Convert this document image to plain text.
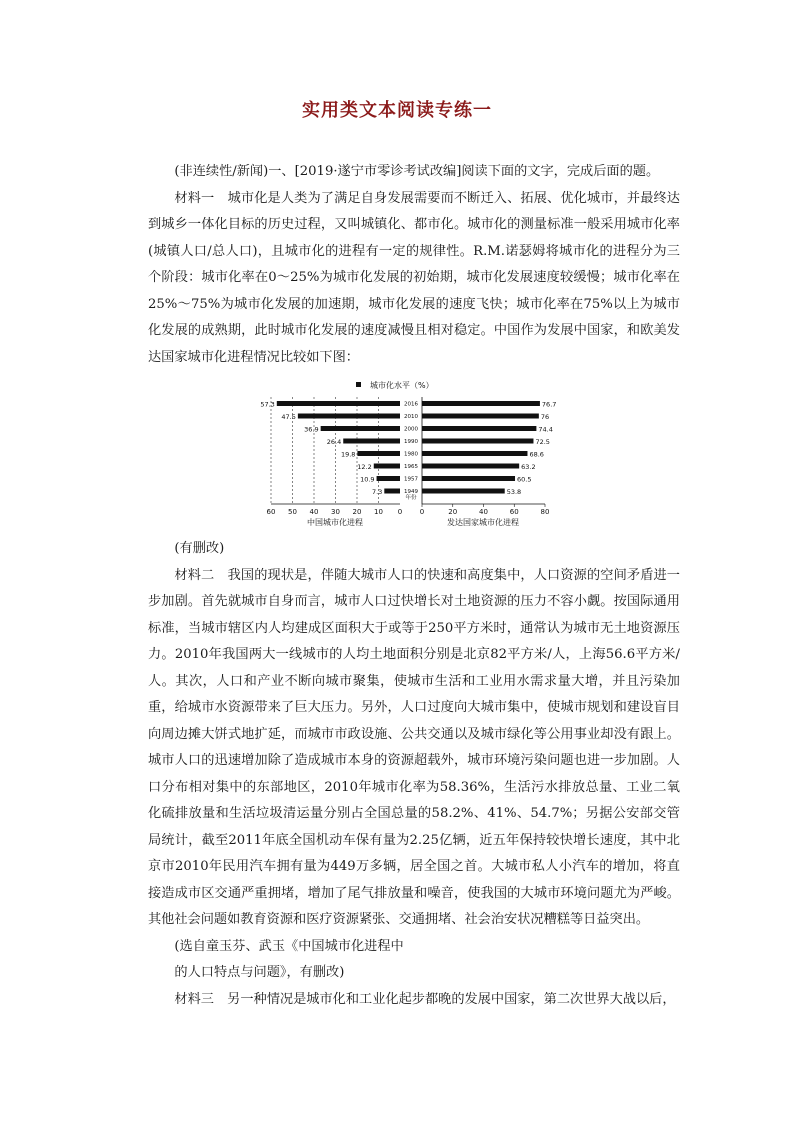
实用类文本阅读专练一

(非连续性/新闻)一、[2019·遂宁市零诊考试改编]阅读下面的文字，完成后面的题。

材料一　城市化是人类为了满足自身发展需要而不断迁入、拓展、优化城市，并最终达到城乡一体化目标的历史过程，又叫城镇化、都市化。城市化的测量标准一般采用城市化率(城镇人口/总人口)，且城市化的进程有一定的规律性。R.M.诺瑟姆将城市化的进程分为三个阶段：城市化率在0～25%为城市化发展的初始期，城市化发展速度较缓慢；城市化率在25%～75%为城市化发展的加速期，城市化发展的速度飞快；城市化率在75%以上为城市化发展的成熟期，此时城市化发展的速度减慢且相对稳定。中国作为发展中国家，和欧美发达国家城市化进程情况比较如下图：

城市化水平（%）
60 50 40 30 20 10 0	0	20	40	60	80
57.3	76.7
2016
47.5	76
2010
36.9	74.4
2000
26.4	72.5
1990
19.8	68.6
1980
12.2	63.2
1965
10.9	60.5
1957
7.3	53.8
1949
年份
中国城市化进程	发达国家城市化进程

(有删改)

材料二　我国的现状是，伴随大城市人口的快速和高度集中，人口资源的空间矛盾进一步加剧。首先就城市自身而言，城市人口过快增长对土地资源的压力不容小觑。按国际通用标准，当城市辖区内人均建成区面积大于或等于250平方米时，通常认为城市无土地资源压力。2010年我国两大一线城市的人均土地面积分别是北京82平方米/人，上海56.6平方米/人。其次，人口和产业不断向城市聚集，使城市生活和工业用水需求量大增，并且污染加重，给城市水资源带来了巨大压力。另外，人口过度向大城市集中，使城市规划和建设盲目向周边摊大饼式地扩延，而城市市政设施、公共交通以及城市绿化等公用事业却没有跟上。城市人口的迅速增加除了造成城市本身的资源超载外，城市环境污染问题也进一步加剧。人口分布相对集中的东部地区，2010年城市化率为58.36%，生活污水排放总量、工业二氧化硫排放量和生活垃圾清运量分别占全国总量的58.2%、41%、54.7%；另据公安部交管局统计，截至2011年底全国机动车保有量为2.25亿辆，近五年保持较快增长速度，其中北京市2010年民用汽车拥有量为449万多辆，居全国之首。大城市私人小汽车的增加，将直接造成市区交通严重拥堵，增加了尾气排放量和噪音，使我国的大城市环境问题尤为严峻。其他社会问题如教育资源和医疗资源紧张、交通拥堵、社会治安状况糟糕等日益突出。

(选自童玉芬、武玉《中国城市化进程中

的人口特点与问题》，有删改)

材料三　另一种情况是城市化和工业化起步都晚的发展中国家，第二次世界大战以后，
